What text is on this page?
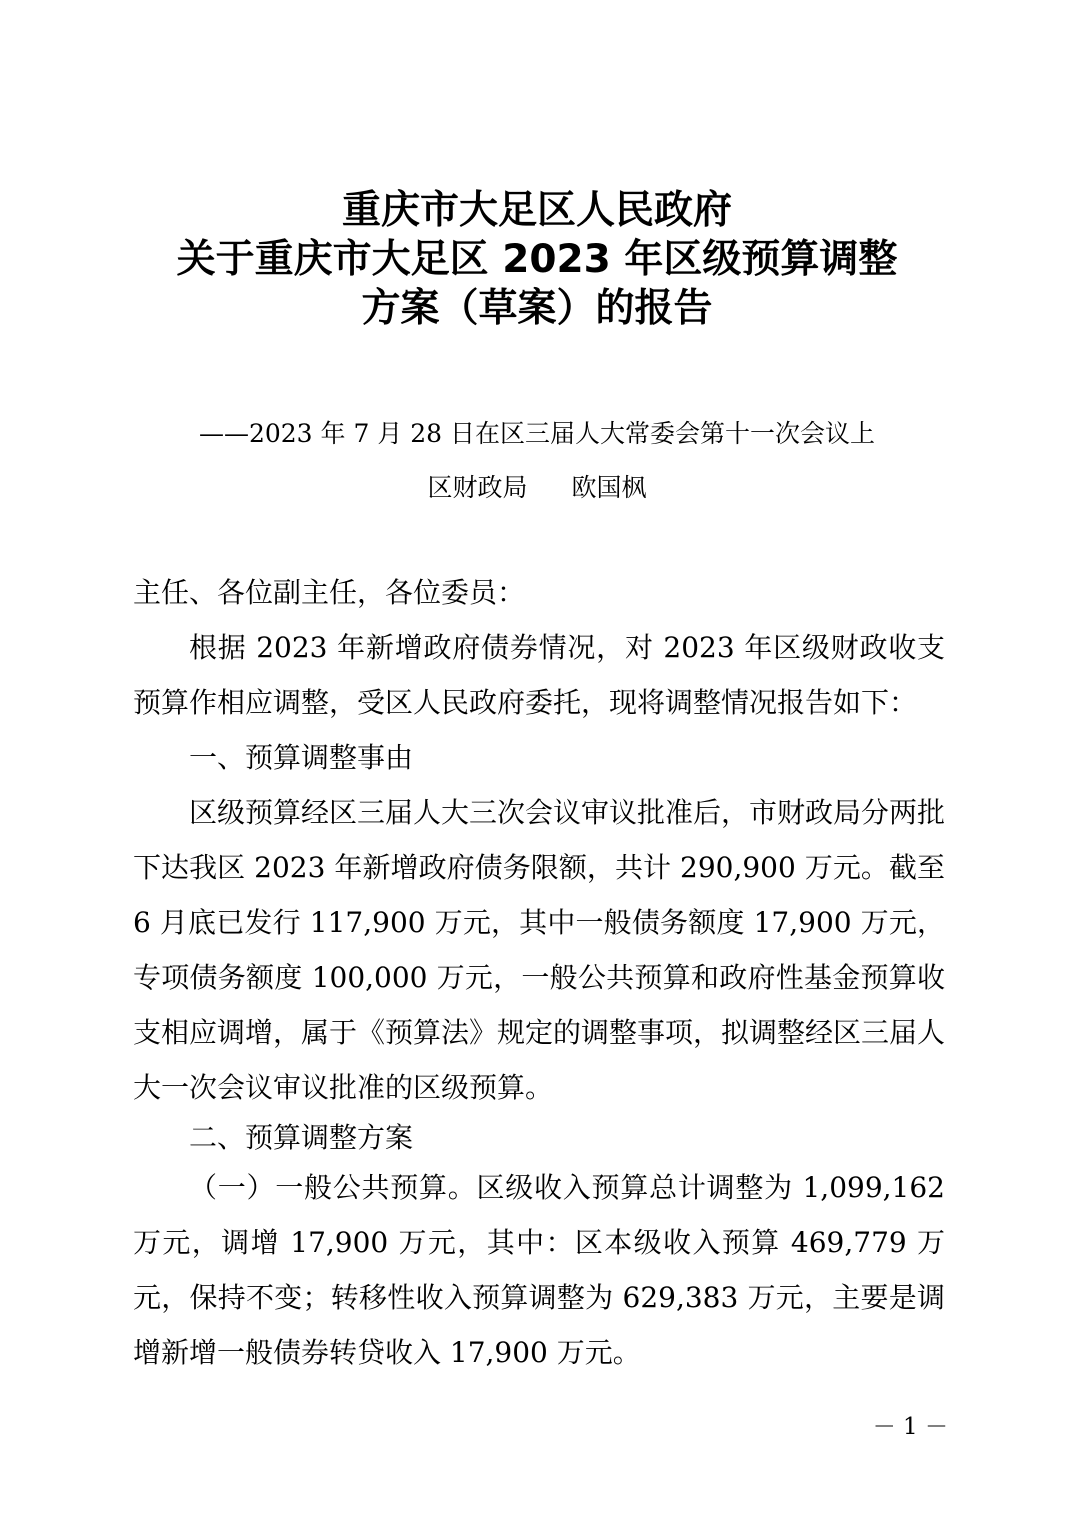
重庆市大足区人民政府
关于重庆市大足区 2023 年区级预算调整
方案（草案）的报告
——2023 年 7 月 28 日在区三届人大常委会第十一次会议上
区财政局 欧国枫
主任、各位副主任，各位委员：

根据 2023 年新增政府债券情况，对 2023 年区级财政收支预算作相应调整，受区人民政府委托，现将调整情况报告如下：

一、预算调整事由

区级预算经区三届人大三次会议审议批准后，市财政局分两批下达我区 2023 年新增政府债务限额，共计 290,900 万元。截至 6 月底已发行 117,900 万元，其中一般债务额度 17,900 万元，专项债务额度 100,000 万元，一般公共预算和政府性基金预算收支相应调增，属于《预算法》规定的调整事项，拟调整经区三届人大一次会议审议批准的区级预算。

二、预算调整方案

（一）一般公共预算。区级收入预算总计调整为 1,099,162 万元，调增 17,900 万元，其中：区本级收入预算 469,779 万元，保持不变；转移性收入预算调整为 629,383 万元，主要是调增新增一般债券转贷收入 17,900 万元。

－ 1 －
